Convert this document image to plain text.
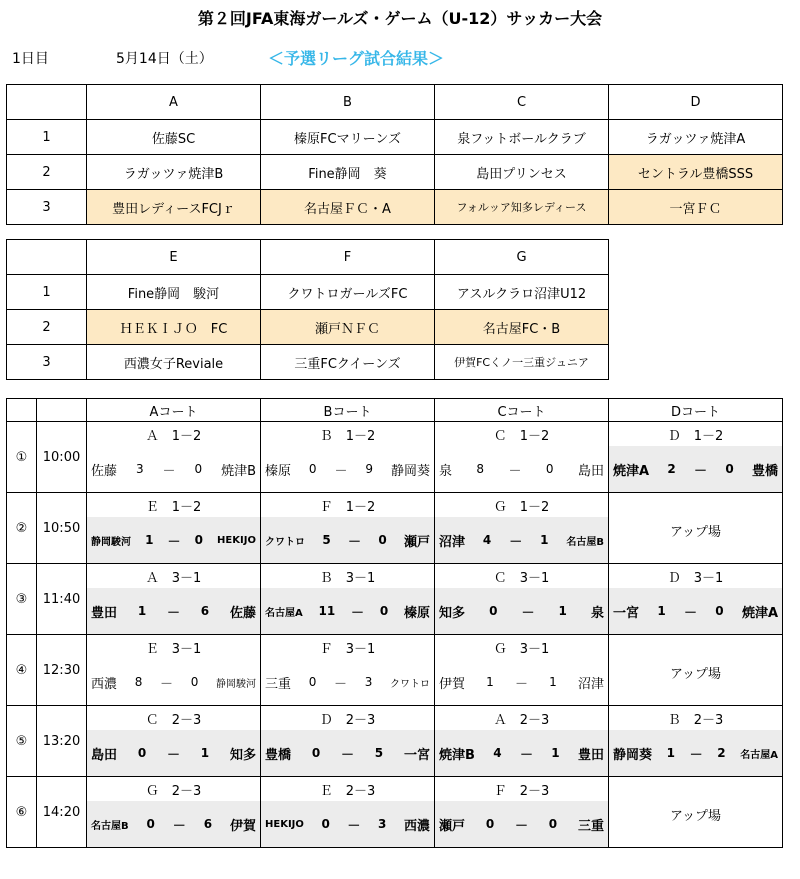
第２回JFA東海ガールズ・ゲーム（U-12）サッカー大会
1日目	5月14日（土）	＜予選リーグ試合結果＞
	A	B	C	D
1	佐藤SC	榛原FCマリーンズ	泉フットボールクラブ	ラガッツァ焼津A
2	ラガッツァ焼津B	Fine静岡　葵	島田プリンセス	セントラル豊橋SSS
3	豊田レディースFCJｒ	名古屋ＦＣ・A	フォルッア知多レディース	一宮ＦＣ
	E	F	G
1	Fine静岡　駿河	クワトロガールズFC	アスルクラロ沼津U12
2	ＨＥＫＩＪＯ　FC	瀬戸ＮＦＣ	名古屋FC・B
3	西濃女子Reviale	三重FCクイーンズ	伊賀FCくノ一三重ジュニア
		Aコート	Bコート	Cコート	Dコート
①	10:00	Ａ　1－2	Ｂ　1－2	Ｃ　1－2	Ｄ　1－2

		佐藤 3 － 0 焼津B	榛原 0 － 9 静岡葵	泉 8 － 0 島田	焼津A 2 － 0 豊橋

②	10:50	Ｅ　1－2	Ｆ　1－2	Ｇ　1－2	アップ場

		静岡駿河 1 － 0 HEKIJO	クワトロ 5 － 0 瀬戸	沼津 4 － 1 名古屋B	

③	11:40	Ａ　3－1	Ｂ　3－1	Ｃ　3－1	Ｄ　3－1

		豊田 1 － 6 佐藤	名古屋A 11 － 0 榛原	知多 0 － 1 泉	一宮 1 － 0 焼津A

④	12:30	Ｅ　3－1	Ｆ　3－1	Ｇ　3－1	アップ場

		西濃 8 － 0 静岡駿河	三重 0 － 3 クワトロ	伊賀 1 － 1 沼津	

⑤	13:20	Ｃ　2－3	Ｄ　2－3	Ａ　2－3	Ｂ　2－3

		島田 0 － 1 知多	豊橋 0 － 5 一宮	焼津B 4 － 1 豊田	静岡葵 1 － 2 名古屋A

⑥	14:20	Ｇ　2－3	Ｅ　2－3	Ｆ　2－3	アップ場

		名古屋B 0 － 6 伊賀	HEKIJO 0 － 3 西濃	瀬戸 0 － 0 三重	
